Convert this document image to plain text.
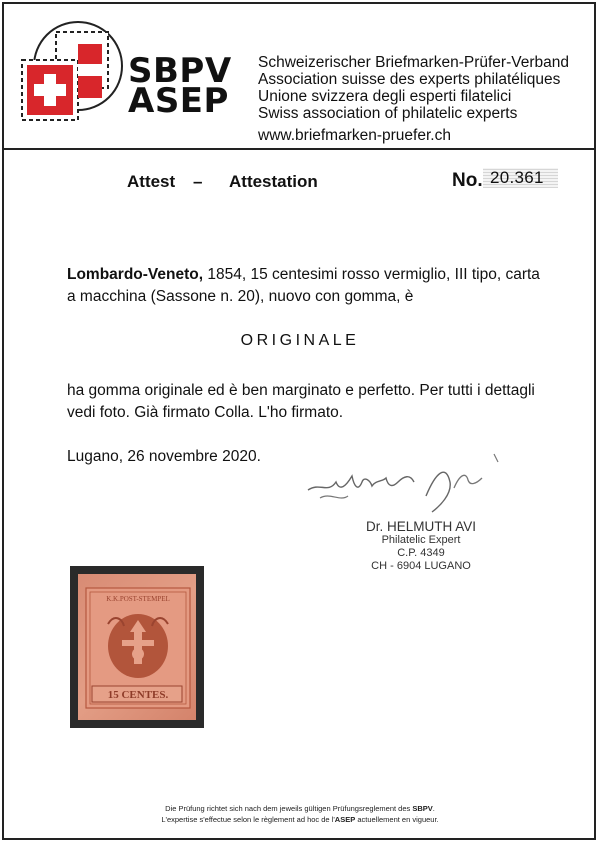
SBPV
ASEP
Schweizerischer Briefmarken-Prüfer-Verband
Association suisse des experts philatéliques
Unione svizzera degli esperti filatelici
Swiss association of philatelic experts
www.briefmarken-pruefer.ch
Attest – Attestation	No. 20.361
Lombardo-Veneto, 1854, 15 centesimi rosso vermiglio, III tipo, carta
a macchina (Sassone n. 20), nuovo con gomma, è
ORIGINALE
ha gomma originale ed è ben marginato e perfetto. Per tutti i dettagli
vedi foto. Già firmato Colla. L'ho firmato.
Lugano, 26 novembre 2020.
Dr. HELMUTH AVI
Philatelic Expert
C.P. 4349
CH - 6904 LUGANO
K.K.POST-STEMPEL
15 CENTES.
Die Prüfung richtet sich nach dem jeweils gültigen Prüfungsreglement des SBPV.
L'expertise s'effectue selon le règlement ad hoc de l'ASEP actuellement en vigueur.
